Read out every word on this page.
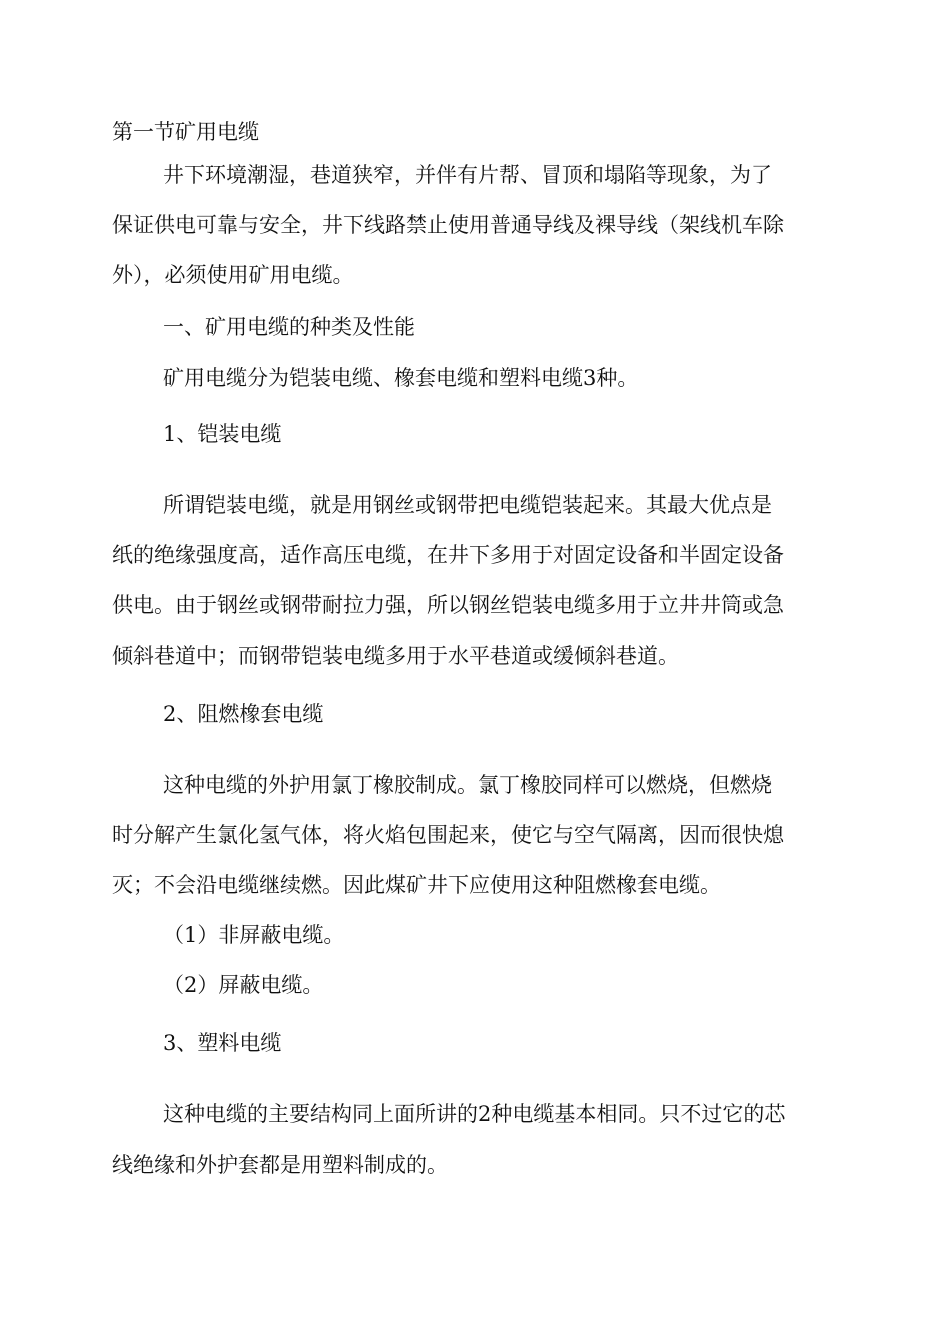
第一节矿用电缆
井下环境潮湿，巷道狭窄，并伴有片帮、冒顶和塌陷等现象，为了
保证供电可靠与安全，井下线路禁止使用普通导线及裸导线（架线机车除
外），必须使用矿用电缆。
一、矿用电缆的种类及性能
矿用电缆分为铠装电缆、橡套电缆和塑料电缆3种。
1、铠装电缆
所谓铠装电缆，就是用钢丝或钢带把电缆铠装起来。其最大优点是
纸的绝缘强度高，适作高压电缆，在井下多用于对固定设备和半固定设备
供电。由于钢丝或钢带耐拉力强，所以钢丝铠装电缆多用于立井井筒或急
倾斜巷道中；而钢带铠装电缆多用于水平巷道或缓倾斜巷道。
2、阻燃橡套电缆
这种电缆的外护用氯丁橡胶制成。氯丁橡胶同样可以燃烧，但燃烧
时分解产生氯化氢气体，将火焰包围起来，使它与空气隔离，因而很快熄
灭；不会沿电缆继续燃。因此煤矿井下应使用这种阻燃橡套电缆。
（1）非屏蔽电缆。
（2）屏蔽电缆。
3、塑料电缆
这种电缆的主要结构同上面所讲的2种电缆基本相同。只不过它的芯
线绝缘和外护套都是用塑料制成的。
